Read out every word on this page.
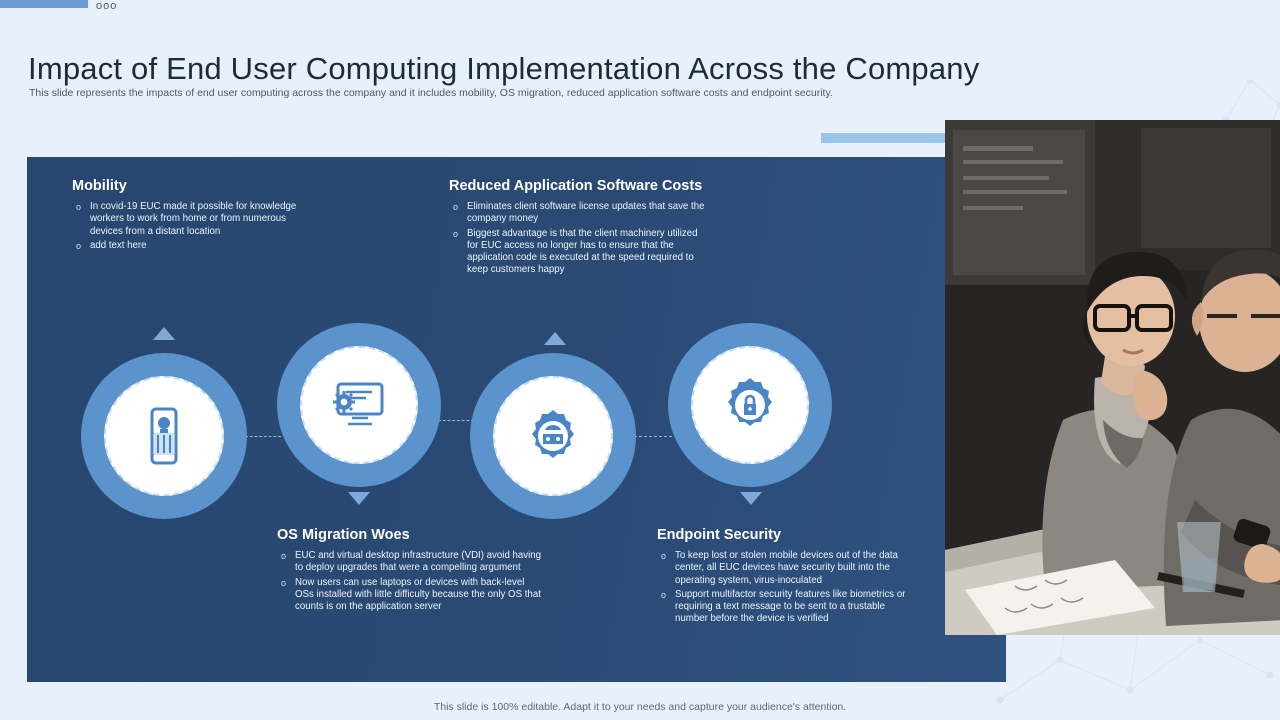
ooo
Impact of End User Computing Implementation Across the Company
This slide represents the impacts of end user computing across the company and it includes mobility, OS migration, reduced application software costs and endpoint security.
Mobility
o In covid-19 EUC made it possible for knowledge workers to work from home or from numerous devices from a distant location
o add text here
Reduced Application Software Costs
o Eliminates client software license updates that save the company money
o Biggest advantage is that the client machinery utilized for EUC access no longer has to ensure that the application code is executed at the speed required to keep customers happy
OS Migration Woes
o EUC and virtual desktop infrastructure (VDI) avoid having to deploy upgrades that were a compelling argument
o Now users can use laptops or devices with back-level OSs installed with little difficulty because the only OS that counts is on the application server
Endpoint Security
o To keep lost or stolen mobile devices out of the data center, all EUC devices have security built into the operating system, virus-inoculated
o Support multifactor security features like biometrics or requiring a text message to be sent to a trustable number before the device is verified
This slide is 100% editable. Adapt it to your needs and capture your audience's attention.
